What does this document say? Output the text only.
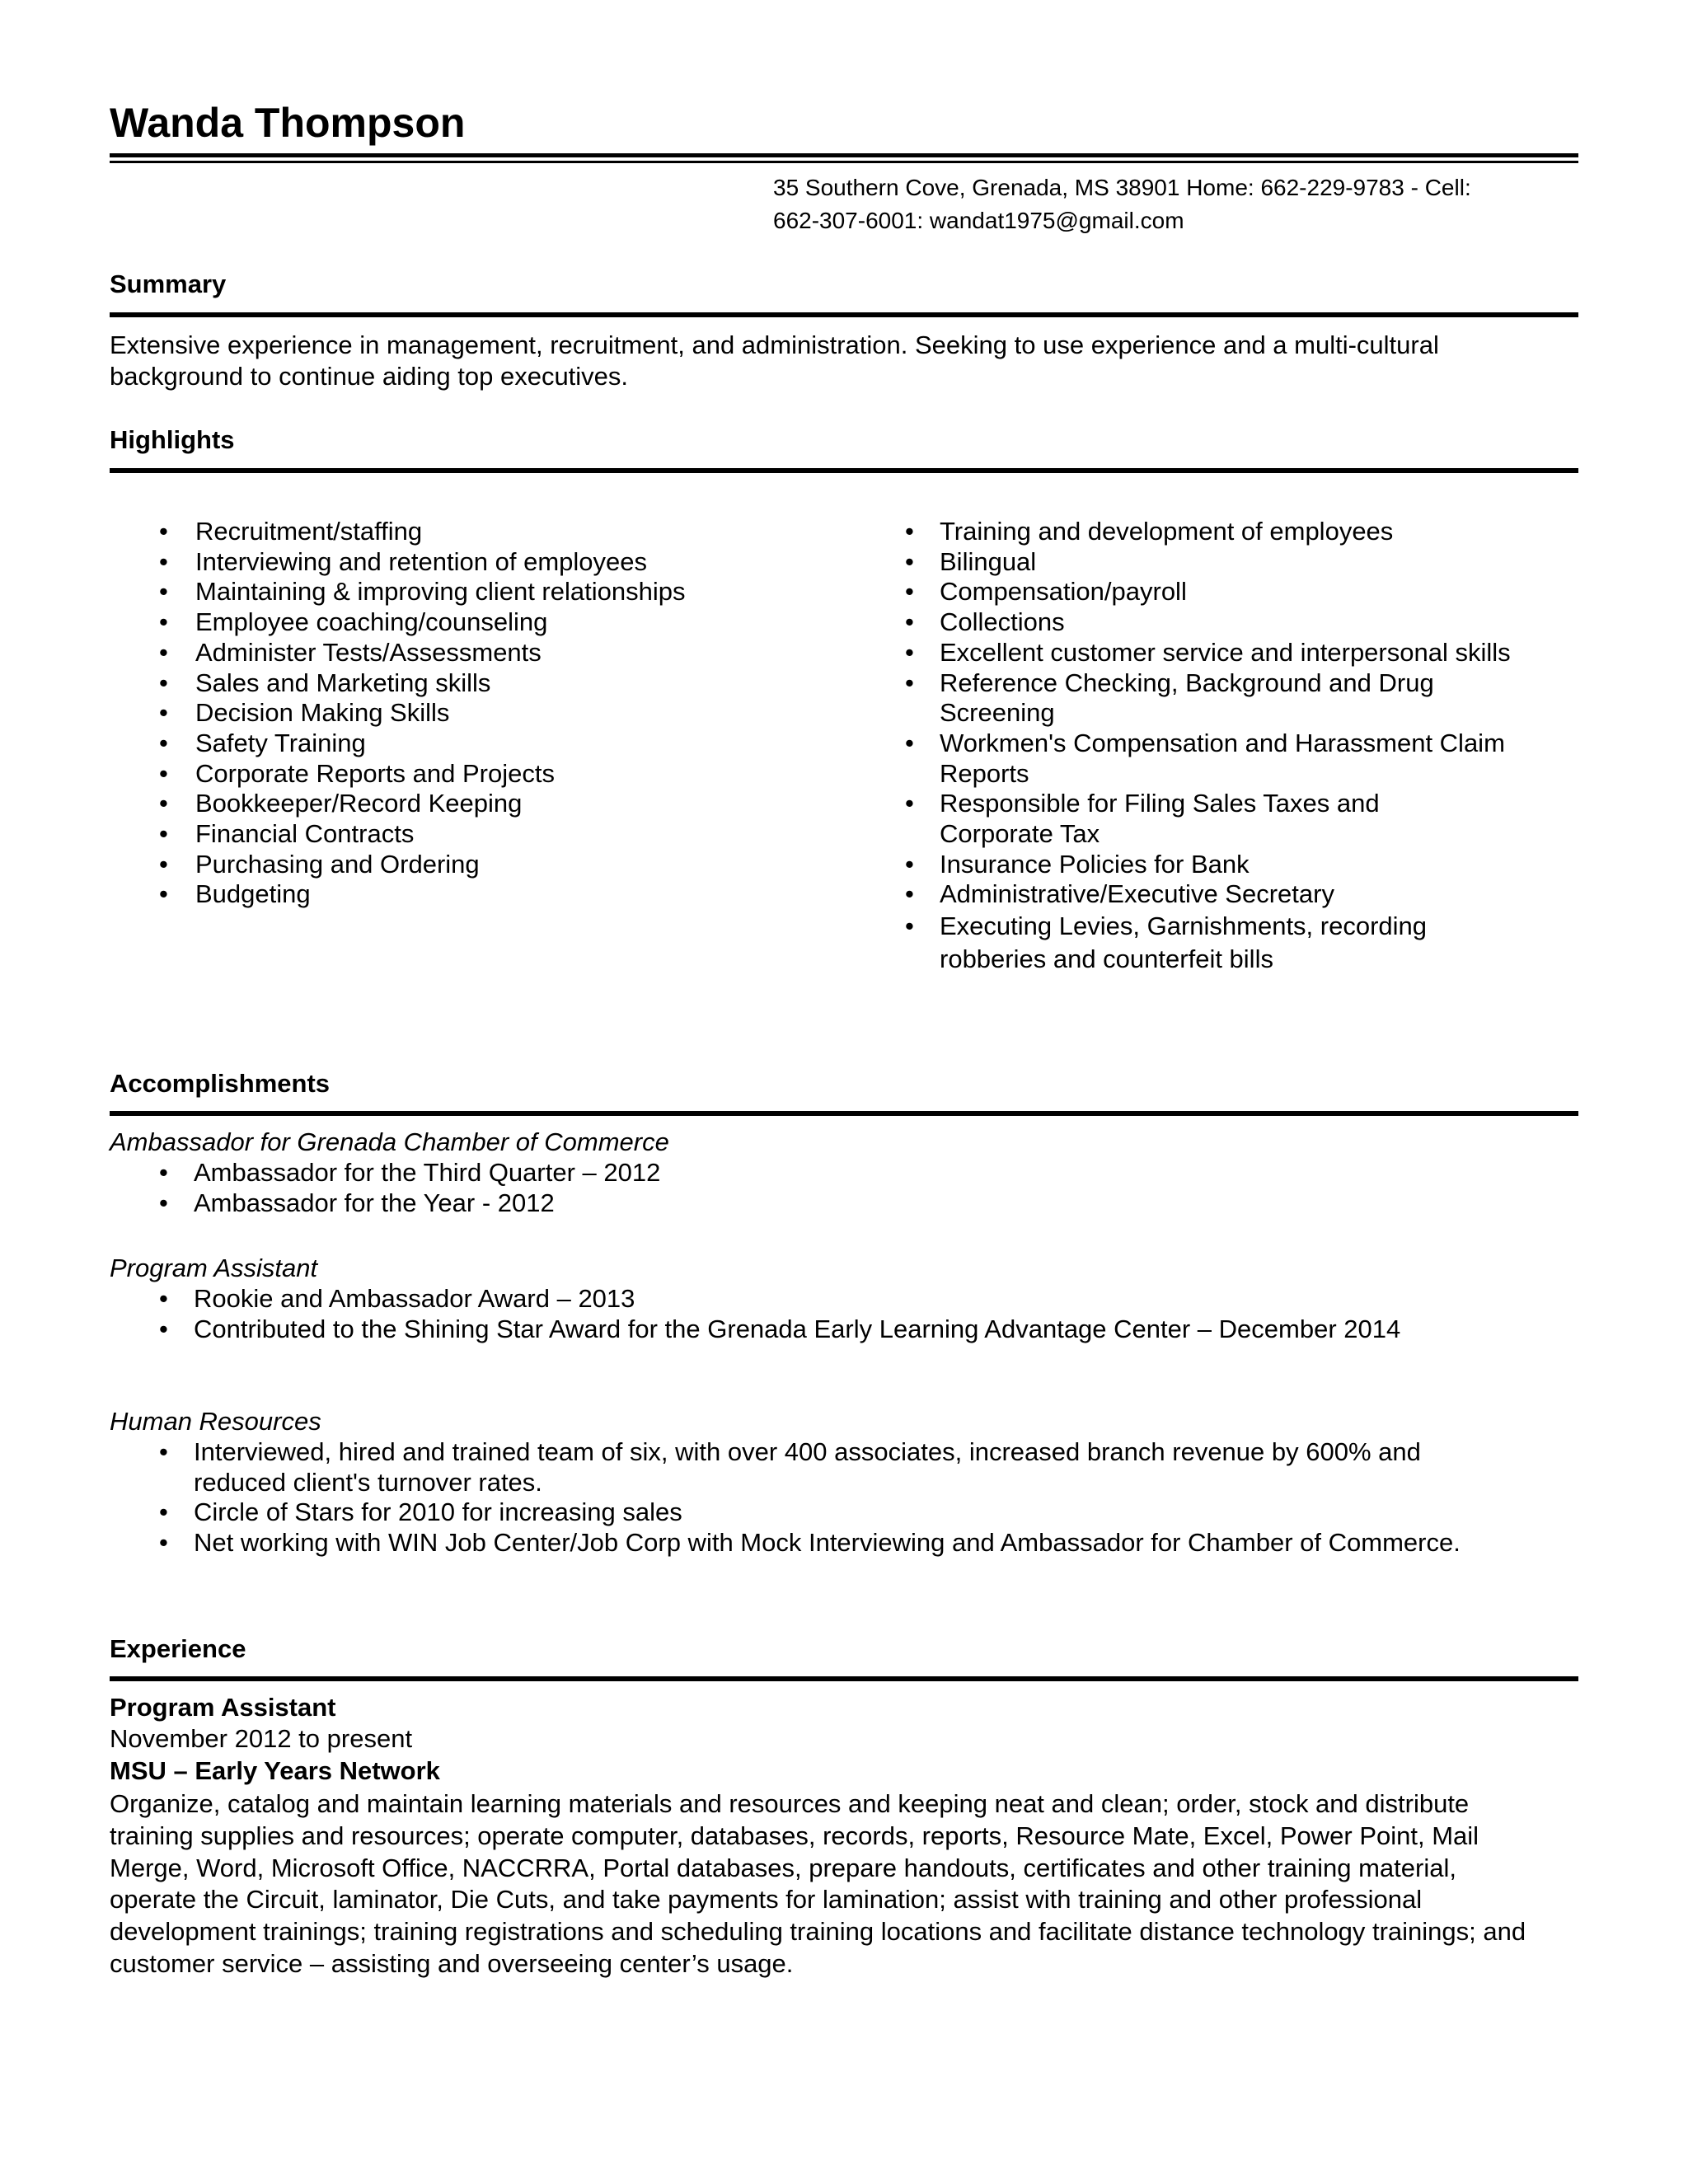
Wanda Thompson
35 Southern Cove, Grenada, MS 38901 Home: 662-229-9783 - Cell:
662-307-6001: wandat1975@gmail.com
Summary

Extensive experience in management, recruitment, and administration. Seeking to use experience and a multi-cultural background to continue aiding top executives.

Highlights
• Recruitment/staffing
• Interviewing and retention of employees
• Maintaining & improving client relationships
• Employee coaching/counseling
• Administer Tests/Assessments
• Sales and Marketing skills
• Decision Making Skills
• Safety Training
• Corporate Reports and Projects
• Bookkeeper/Record Keeping
• Financial Contracts
• Purchasing and Ordering
• Budgeting
• Training and development of employees
• Bilingual
• Compensation/payroll
• Collections
• Excellent customer service and interpersonal skills
• Reference Checking, Background and Drug Screening
• Workmen's Compensation and Harassment Claim Reports
• Responsible for Filing Sales Taxes and Corporate Tax
• Insurance Policies for Bank
• Administrative/Executive Secretary
• Executing Levies, Garnishments, recording robberies and counterfeit bills
Accomplishments

Ambassador for Grenada Chamber of Commerce

• Ambassador for the Third Quarter – 2012
• Ambassador for the Year - 2012

Program Assistant

• Rookie and Ambassador Award – 2013
• Contributed to the Shining Star Award for the Grenada Early Learning Advantage Center – December 2014

Human Resources

• Interviewed, hired and trained team of six, with over 400 associates, increased branch revenue by 600% and reduced client's turnover rates.
• Circle of Stars for 2010 for increasing sales
• Net working with WIN Job Center/Job Corp with Mock Interviewing and Ambassador for Chamber of Commerce.
Experience

Program Assistant

November 2012 to present

MSU – Early Years Network

Organize, catalog and maintain learning materials and resources and keeping neat and clean; order, stock and distribute training supplies and resources; operate computer, databases, records, reports, Resource Mate, Excel, Power Point, Mail Merge, Word, Microsoft Office, NACCRRA, Portal databases, prepare handouts, certificates and other training material, operate the Circuit, laminator, Die Cuts, and take payments for lamination; assist with training and other professional development trainings; training registrations and scheduling training locations and facilitate distance technology trainings; and customer service – assisting and overseeing center’s usage.
